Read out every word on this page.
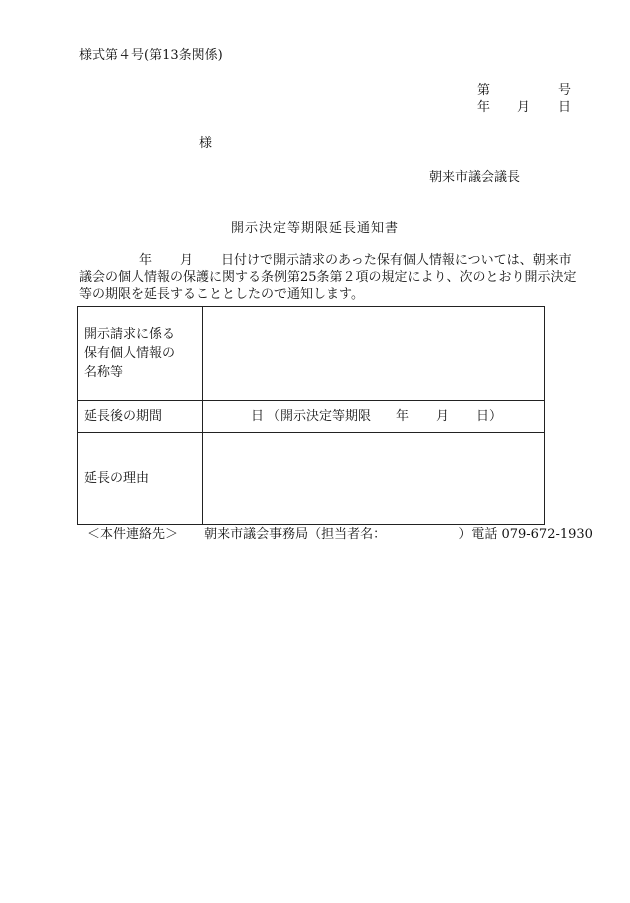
様式第４号(第13条関係)
第	号
年 月 日
様
朝来市議会議長
開示決定等期限延長通知書
年 月 日付けで開示請求のあった保有個人情報については、朝来市
議会の個人情報の保護に関する条例第25条第２項の規定により、次のとおり開示決定
等の期限を延長することとしたので通知します。
開示請求に係る
保有個人情報の
名称等	

延長後の期間	日 （開示決定等期限 年 月 日）

延長の理由	

＜本件連絡先＞ 朝来市議会事務局（担当者名：	）電話 079-672-1930
